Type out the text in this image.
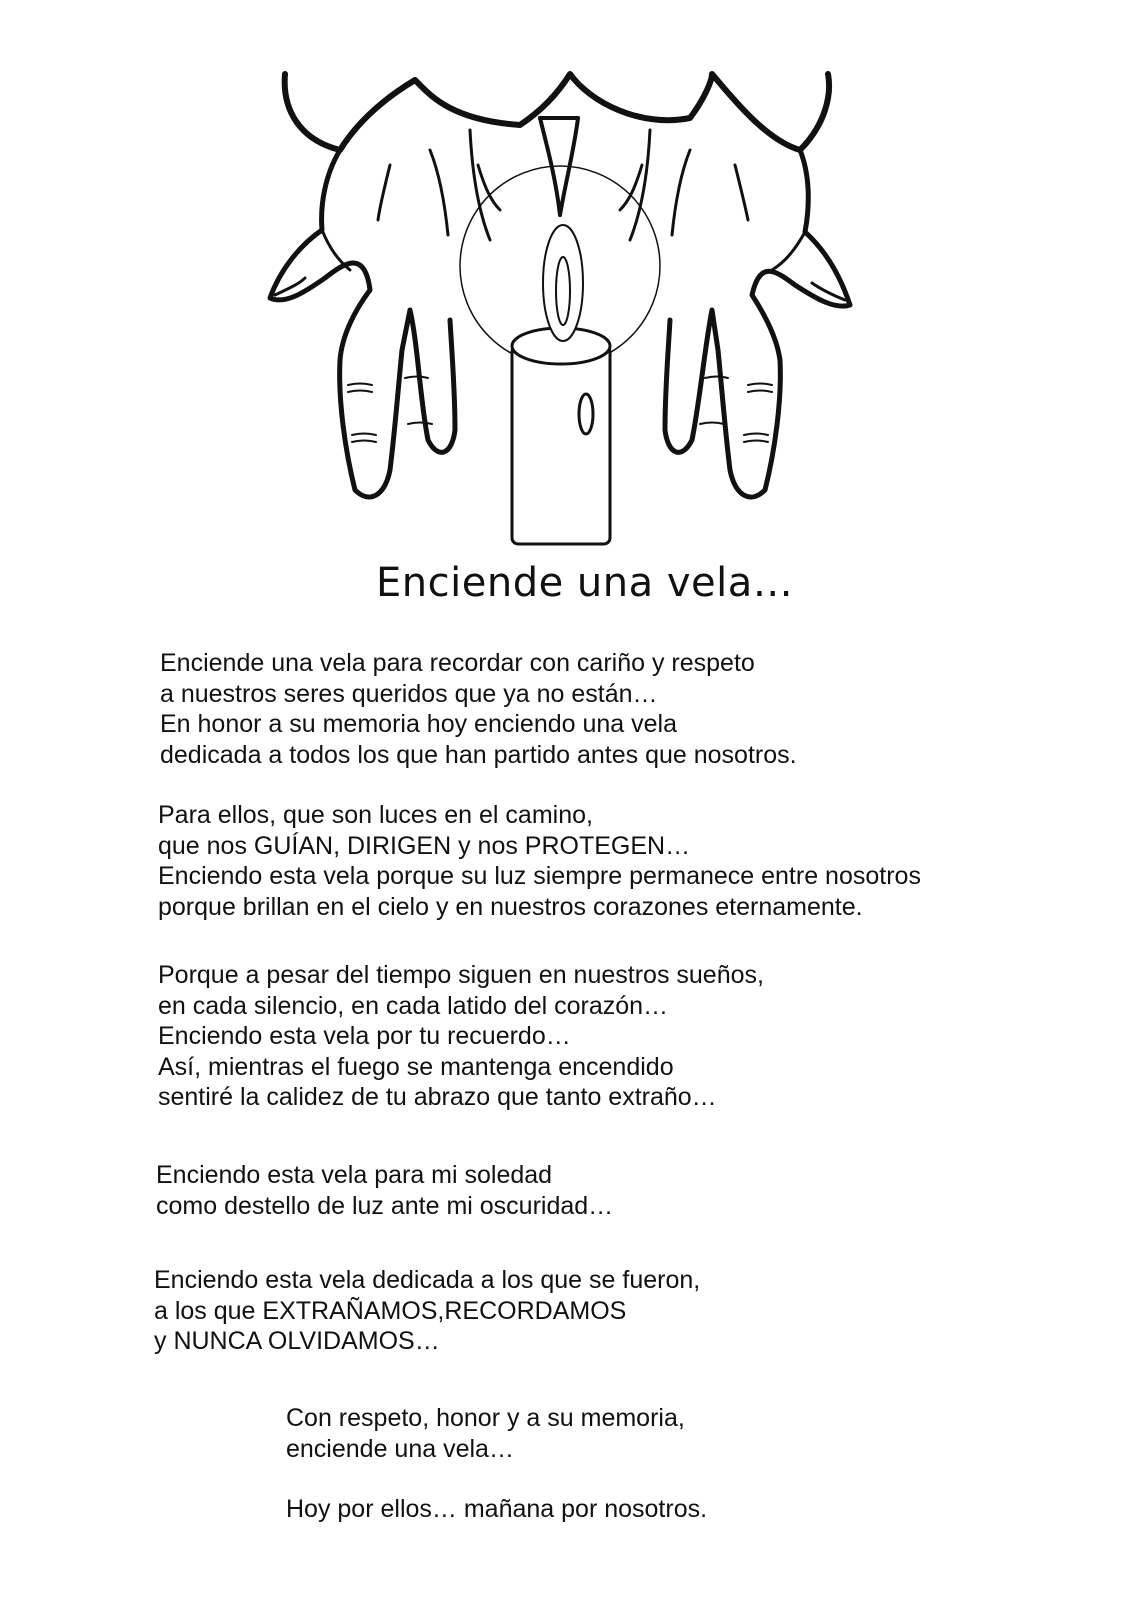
Enciende una vela…
Enciende una vela para recordar con cariño y respeto
a nuestros seres queridos que ya no están…
En honor a su memoria hoy enciendo una vela
dedicada a todos los que han partido antes que nosotros.
Para ellos, que son luces en el camino,
que nos GUÍAN, DIRIGEN y nos PROTEGEN…
Enciendo esta vela porque su luz siempre permanece entre nosotros
porque brillan en el cielo y en nuestros corazones eternamente.
Porque a pesar del tiempo siguen en nuestros sueños,
en cada silencio, en cada latido del corazón…
Enciendo esta vela por tu recuerdo…
Así, mientras el fuego se mantenga encendido
sentiré la calidez de tu abrazo que tanto extraño…
Enciendo esta vela para mi soledad
como destello de luz ante mi oscuridad…
Enciendo esta vela dedicada a los que se fueron,
a los que EXTRAÑAMOS,RECORDAMOS
y NUNCA OLVIDAMOS…
Con respeto, honor y a su memoria,
enciende una vela…
Hoy por ellos… mañana por nosotros.
